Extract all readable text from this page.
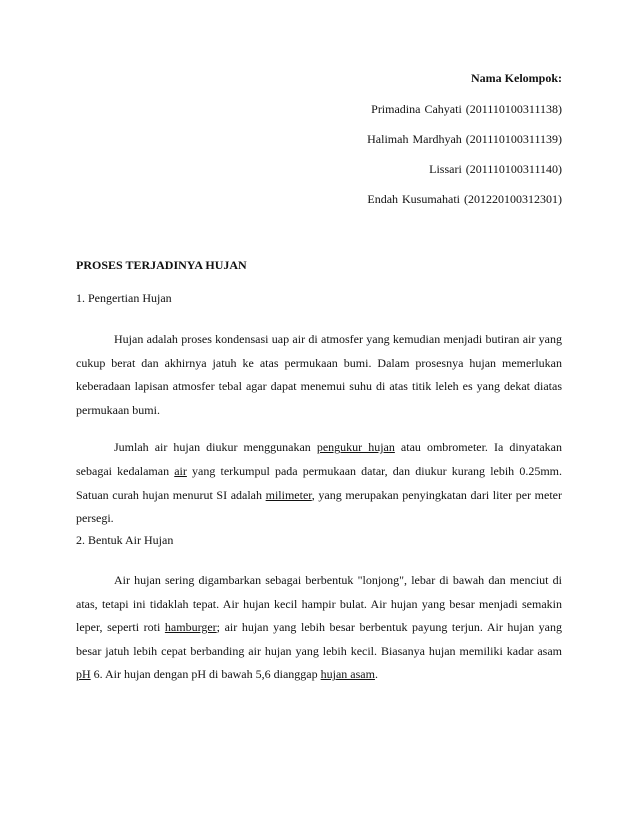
Nama Kelompok:

Primadina Cahyati (201110100311138)

Halimah Mardhyah (201110100311139)

Lissari (201110100311140)

Endah Kusumahati (201220100312301)

PROSES TERJADINYA HUJAN

1. Pengertian Hujan

Hujan adalah proses kondensasi uap air di atmosfer yang kemudian menjadi butiran air yang cukup berat dan akhirnya jatuh ke atas permukaan bumi. Dalam prosesnya hujan memerlukan keberadaan lapisan atmosfer tebal agar dapat menemui suhu di atas titik leleh es yang dekat diatas permukaan bumi.

Jumlah air hujan diukur menggunakan pengukur hujan atau ombrometer. Ia dinyatakan sebagai kedalaman air yang terkumpul pada permukaan datar, dan diukur kurang lebih 0.25mm. Satuan curah hujan menurut SI adalah milimeter, yang merupakan penyingkatan dari liter per meter persegi.

2. Bentuk Air Hujan

Air hujan sering digambarkan sebagai berbentuk "lonjong", lebar di bawah dan menciut di atas, tetapi ini tidaklah tepat. Air hujan kecil hampir bulat. Air hujan yang besar menjadi semakin leper, seperti roti hamburger; air hujan yang lebih besar berbentuk payung terjun. Air hujan yang besar jatuh lebih cepat berbanding air hujan yang lebih kecil. Biasanya hujan memiliki kadar asam pH 6. Air hujan dengan pH di bawah 5,6 dianggap hujan asam.
